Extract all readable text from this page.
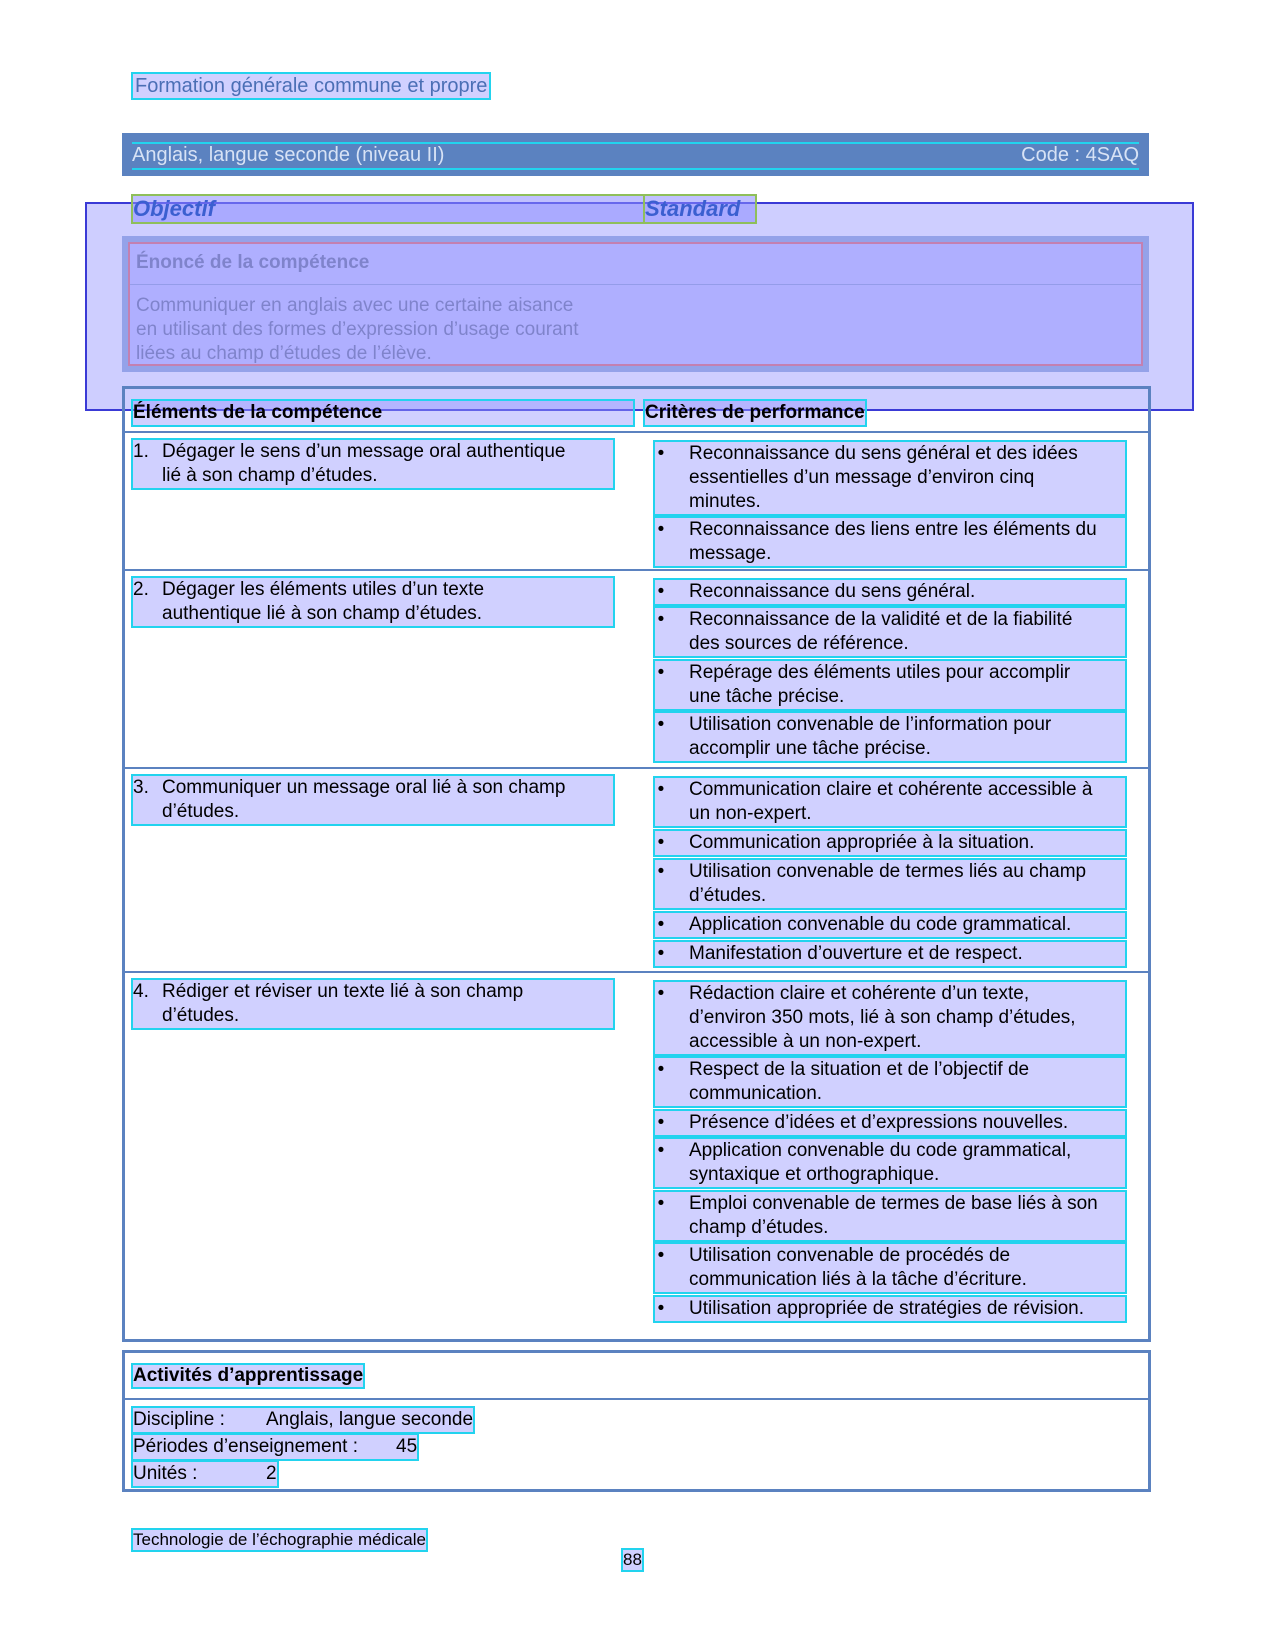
Formation générale commune et propre
Anglais, langue seconde (niveau II)	Code : 4SAQ
Objectif	Standard
Éléments de la compétence	Critères de performance
1. Dégager le sens d’un message oral authentique
lié à son champ d’études.
• Reconnaissance du sens général et des idées
essentielles d’un message d’environ cinq
minutes.
• Reconnaissance des liens entre les éléments du
message.
2. Dégager les éléments utiles d’un texte
authentique lié à son champ d’études.
• Reconnaissance du sens général.
• Reconnaissance de la validité et de la fiabilité
des sources de référence.
• Repérage des éléments utiles pour accomplir
une tâche précise.
• Utilisation convenable de l’information pour
accomplir une tâche précise.
3. Communiquer un message oral lié à son champ
d’études.
• Communication claire et cohérente accessible à
un non-expert.
• Communication appropriée à la situation.
• Utilisation convenable de termes liés au champ
d’études.
• Application convenable du code grammatical.
• Manifestation d’ouverture et de respect.
4. Rédiger et réviser un texte lié à son champ
d’études.
• Rédaction claire et cohérente d’un texte,
d’environ 350 mots, lié à son champ d’études,
accessible à un non-expert.
• Respect de la situation et de l’objectif de
communication.
• Présence d’idées et d’expressions nouvelles.
• Application convenable du code grammatical,
syntaxique et orthographique.
• Emploi convenable de termes de base liés à son
champ d’études.
• Utilisation convenable de procédés de
communication liés à la tâche d’écriture.
• Utilisation appropriée de stratégies de révision.
Activités d’apprentissage
Discipline : Anglais, langue seconde
Périodes d’enseignement : 45
Unités :	2
Technologie de l’échographie médicale
88
